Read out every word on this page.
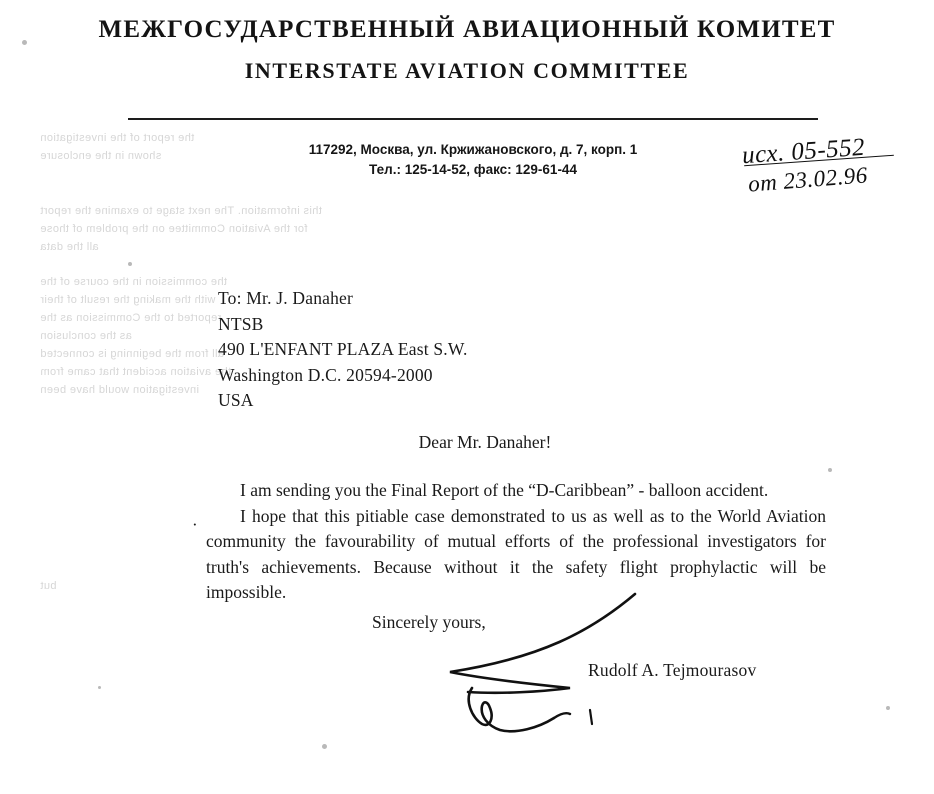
the report of the investigation
shown in the enclosure
this information. The next stage to examine the report
for the Aviation Committee on the problem of those
all the data
the commission in the course of the
with the making the result of their
reported to the Commission as the
as the conclusion
all from the beginning is connected
the aviation accident that came from
investigation would have been
but
МЕЖГОСУДАРСТВЕННЫЙ АВИАЦИОННЫЙ КОМИТЕТ
INTERSTATE AVIATION COMMITTEE
117292, Москва, ул. Кржижановского, д. 7, корп. 1
Тел.: 125-14-52, факс: 129-61-44
исх. 05-552
от 23.02.96
To: Mr. J. Danaher
NTSB
490 L'ENFANT PLAZA East S.W.
Washington D.C. 20594-2000
USA
Dear Mr. Danaher!

I am sending you the Final Report of the “D-Caribbean” - balloon accident.

I hope that this pitiable case demonstrated to us as well as to the World Aviation community the favourability of mutual efforts of the professional investigators for truth's achievements. Because without it the safety flight prophylactic will be impossible.

·
Sincerely yours,
Rudolf A. Tejmourasov
